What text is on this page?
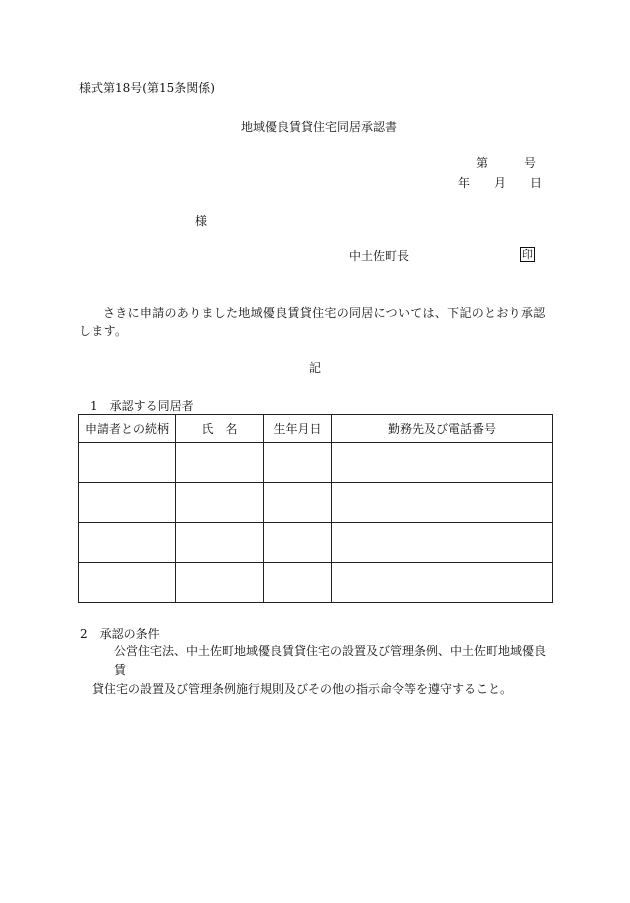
様式第18号(第15条関係)
地域優良賃貸住宅同居承認書
第	号
年 月 日
様
中土佐町長	印
さきに申請のありました地域優良賃貸住宅の同居については、下記のとおり承認します。
記
1　承認する同居者
申請者との続柄	氏　名	生年月日	勤務先及び電話番号

2　承認の条件
公営住宅法、中土佐町地域優良賃貸住宅の設置及び管理条例、中土佐町地域優良賃
貸住宅の設置及び管理条例施行規則及びその他の指示命令等を遵守すること。
